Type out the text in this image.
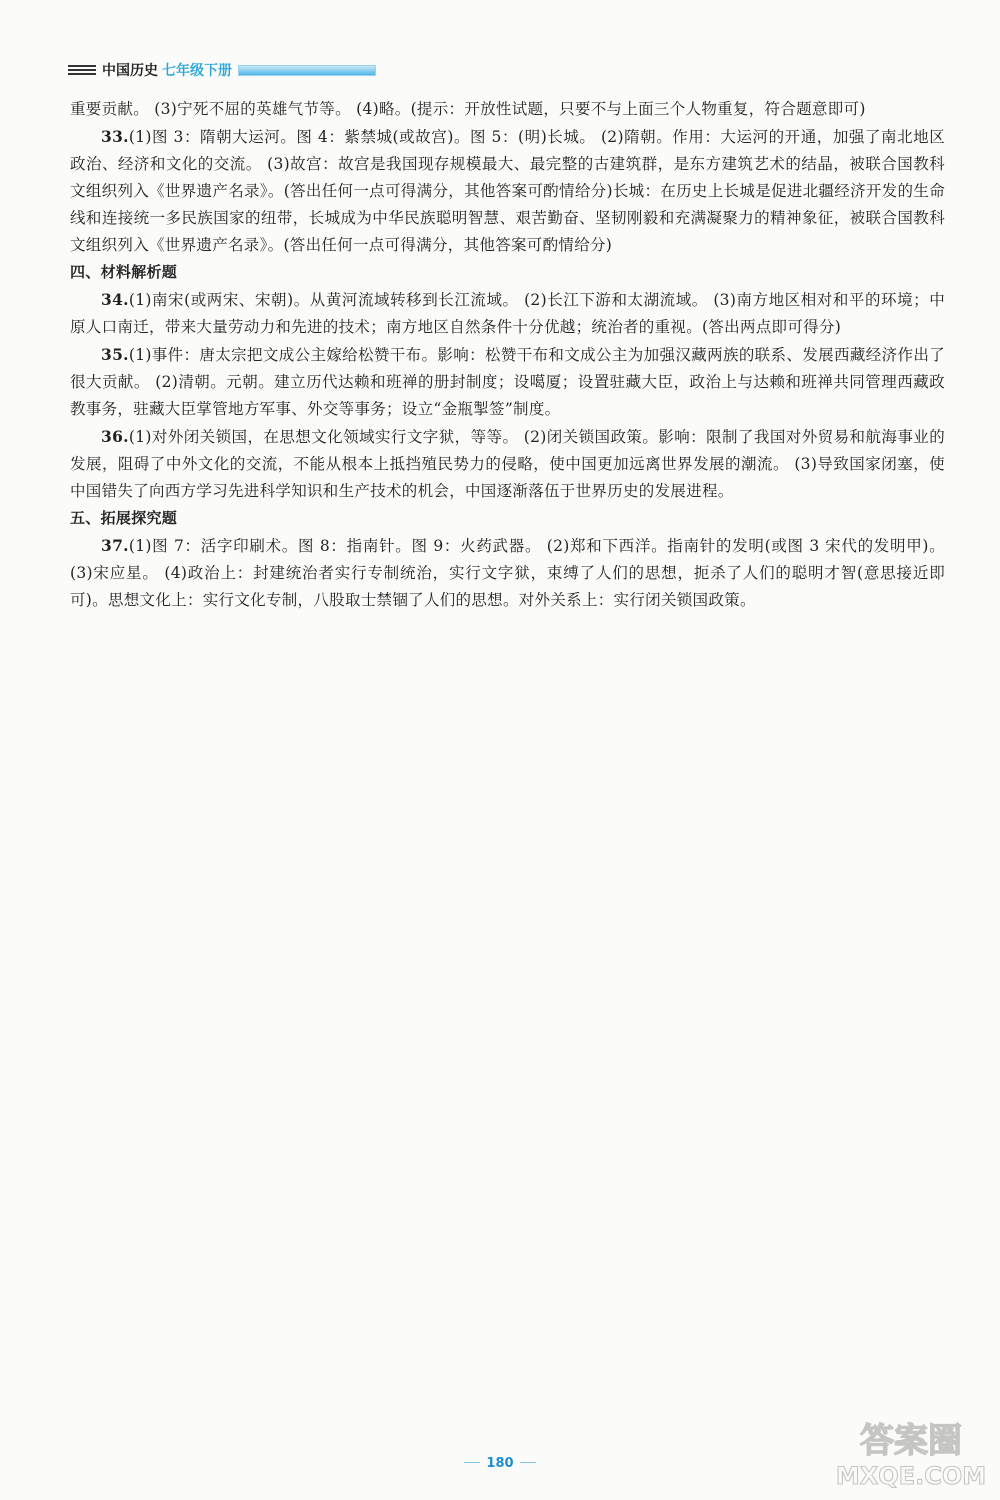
中国历史 七年级下册

重要贡献。 (3)宁死不屈的英雄气节等。 (4)略。(提示：开放性试题，只要不与上面三个人物重复，符合题意即可)

33.(1)图 3：隋朝大运河。图 4：紫禁城(或故宫)。图 5：(明)长城。 (2)隋朝。作用：大运河的开通，加强了南北地区政治、经济和文化的交流。 (3)故宫：故宫是我国现存规模最大、最完整的古建筑群，是东方建筑艺术的结晶，被联合国教科文组织列入《世界遗产名录》。(答出任何一点可得满分，其他答案可酌情给分)长城：在历史上长城是促进北疆经济开发的生命线和连接统一多民族国家的纽带，长城成为中华民族聪明智慧、艰苦勤奋、坚韧刚毅和充满凝聚力的精神象征，被联合国教科文组织列入《世界遗产名录》。(答出任何一点可得满分，其他答案可酌情给分)

四、材料解析题

34.(1)南宋(或两宋、宋朝)。从黄河流域转移到长江流域。 (2)长江下游和太湖流域。 (3)南方地区相对和平的环境；中原人口南迁，带来大量劳动力和先进的技术；南方地区自然条件十分优越；统治者的重视。(答出两点即可得分)

35.(1)事件：唐太宗把文成公主嫁给松赞干布。影响：松赞干布和文成公主为加强汉藏两族的联系、发展西藏经济作出了很大贡献。 (2)清朝。元朝。建立历代达赖和班禅的册封制度；设噶厦；设置驻藏大臣，政治上与达赖和班禅共同管理西藏政教事务，驻藏大臣掌管地方军事、外交等事务；设立“金瓶掣签”制度。

36.(1)对外闭关锁国，在思想文化领域实行文字狱，等等。 (2)闭关锁国政策。影响：限制了我国对外贸易和航海事业的发展，阻碍了中外文化的交流，不能从根本上抵挡殖民势力的侵略，使中国更加远离世界发展的潮流。 (3)导致国家闭塞，使中国错失了向西方学习先进科学知识和生产技术的机会，中国逐渐落伍于世界历史的发展进程。

五、拓展探究题

37.(1)图 7：活字印刷术。图 8：指南针。图 9：火药武器。 (2)郑和下西洋。指南针的发明(或图 3 宋代的发明甲)。 (3)宋应星。 (4)政治上：封建统治者实行专制统治，实行文字狱，束缚了人们的思想，扼杀了人们的聪明才智(意思接近即可)。思想文化上：实行文化专制，八股取士禁锢了人们的思想。对外关系上：实行闭关锁国政策。

180
答案圈
MXQE.COM
